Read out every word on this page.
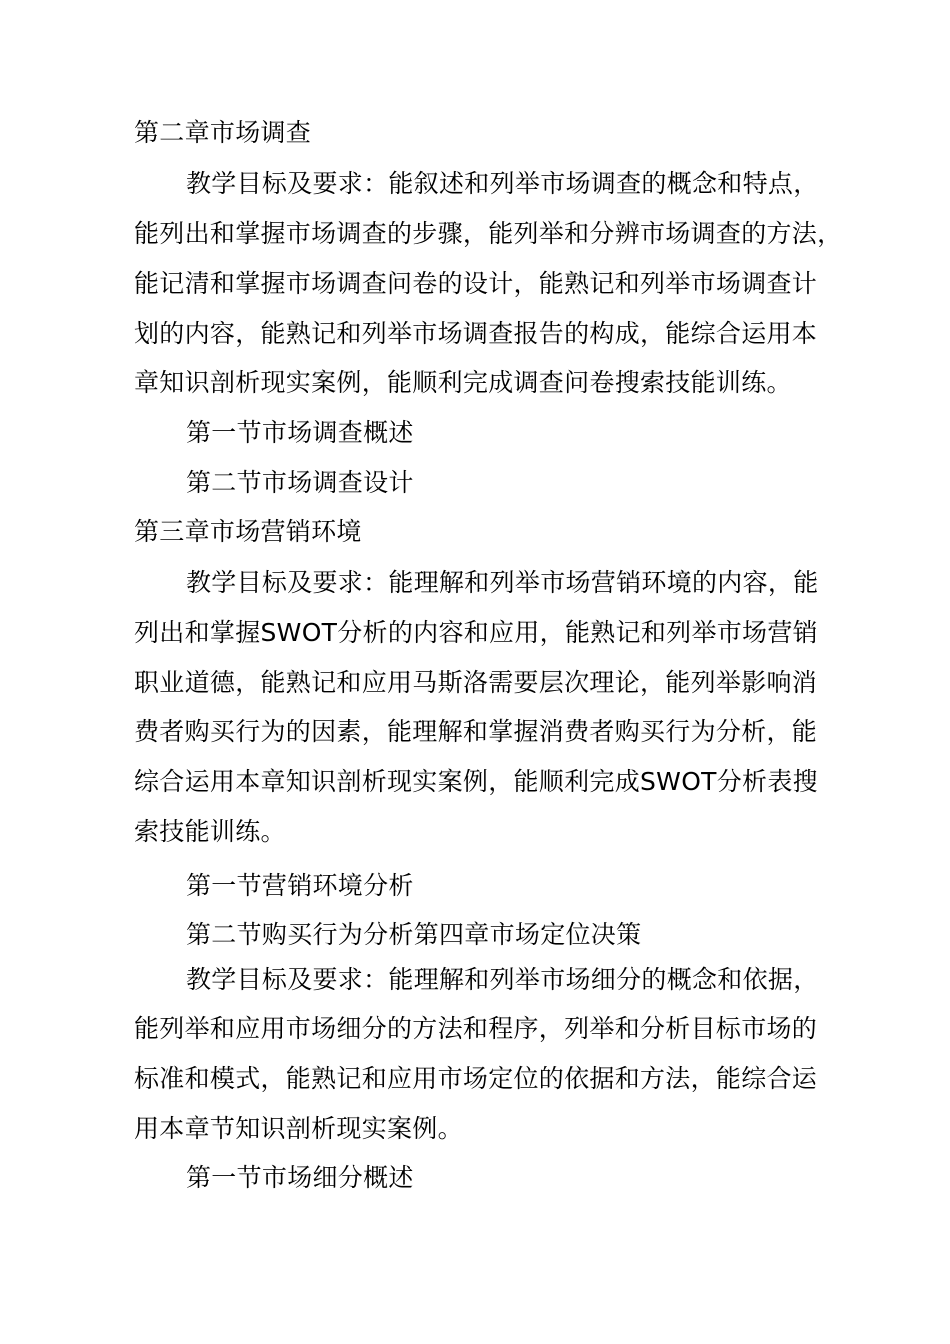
第二章市场调查
教学目标及要求：能叙述和列举市场调查的概念和特点，
能列出和掌握市场调查的步骤，能列举和分辨市场调查的方法，
能记清和掌握市场调查问卷的设计，能熟记和列举市场调查计
划的内容，能熟记和列举市场调查报告的构成，能综合运用本
章知识剖析现实案例，能顺利完成调查问卷搜索技能训练。
第一节市场调查概述
第二节市场调查设计
第三章市场营销环境
教学目标及要求：能理解和列举市场营销环境的内容，能
列出和掌握SWOT分析的内容和应用，能熟记和列举市场营销
职业道德，能熟记和应用马斯洛需要层次理论，能列举影响消
费者购买行为的因素，能理解和掌握消费者购买行为分析，能
综合运用本章知识剖析现实案例，能顺利完成SWOT分析表搜
索技能训练。
第一节营销环境分析
第二节购买行为分析第四章市场定位决策
教学目标及要求：能理解和列举市场细分的概念和依据，
能列举和应用市场细分的方法和程序，列举和分析目标市场的
标准和模式，能熟记和应用市场定位的依据和方法，能综合运
用本章节知识剖析现实案例。
第一节市场细分概述
